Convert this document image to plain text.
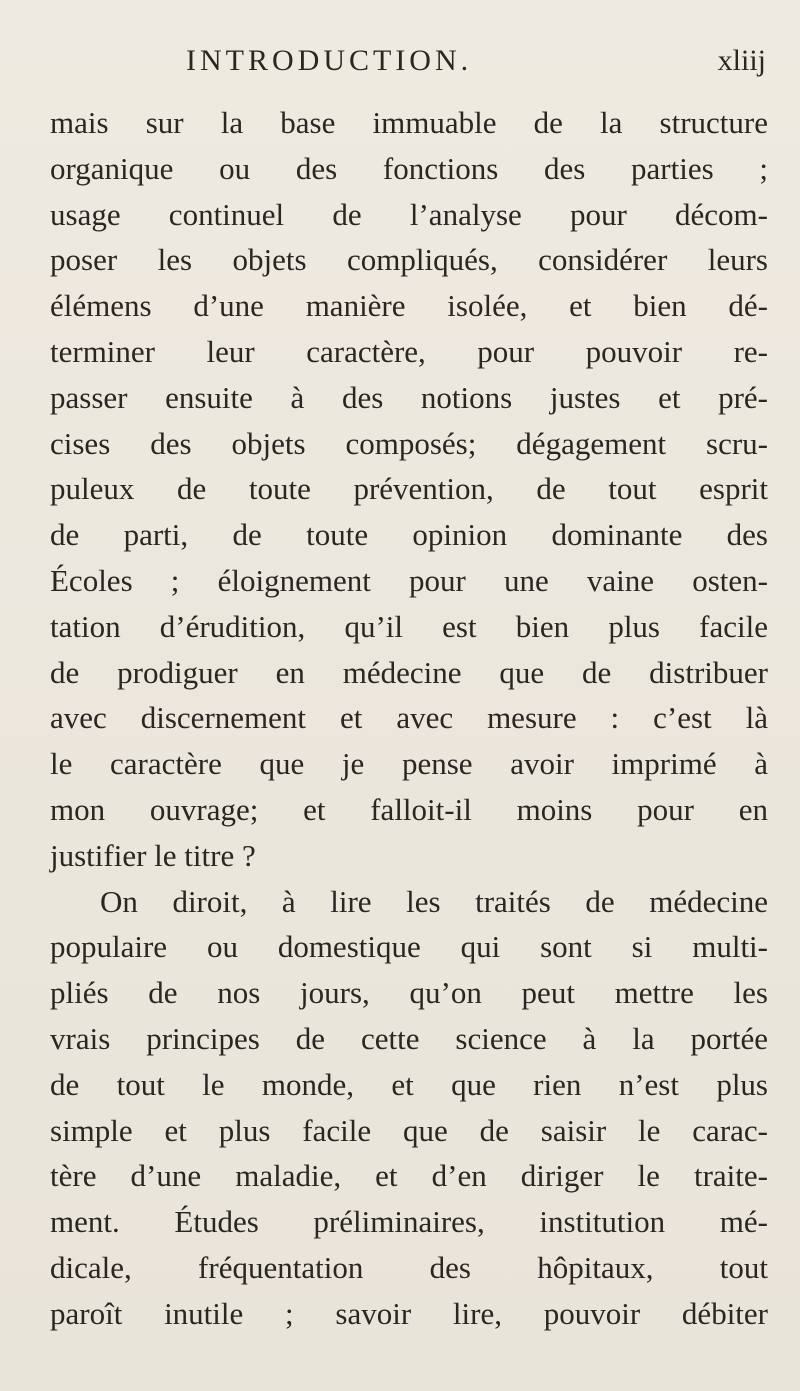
INTRODUCTION.	xliij
mais sur la base immuable de la structure
organique ou des fonctions des parties ;
usage continuel de l’analyse pour décom-
poser les objets compliqués, considérer leurs
élémens d’une manière isolée, et bien dé-
terminer leur caractère, pour pouvoir re-
passer ensuite à des notions justes et pré-
cises des objets composés; dégagement scru-
puleux de toute prévention, de tout esprit
de parti, de toute opinion dominante des
Écoles ; éloignement pour une vaine osten-
tation d’érudition, qu’il est bien plus facile
de prodiguer en médecine que de distribuer
avec discernement et avec mesure : c’est là
le caractère que je pense avoir imprimé à
mon ouvrage; et falloit-il moins pour en
justifier le titre ?
On diroit, à lire les traités de médecine
populaire ou domestique qui sont si multi-
pliés de nos jours, qu’on peut mettre les
vrais principes de cette science à la portée
de tout le monde, et que rien n’est plus
simple et plus facile que de saisir le carac-
tère d’une maladie, et d’en diriger le traite-
ment. Études préliminaires, institution mé-
dicale, fréquentation des hôpitaux, tout
paroît inutile ; savoir lire, pouvoir débiter
